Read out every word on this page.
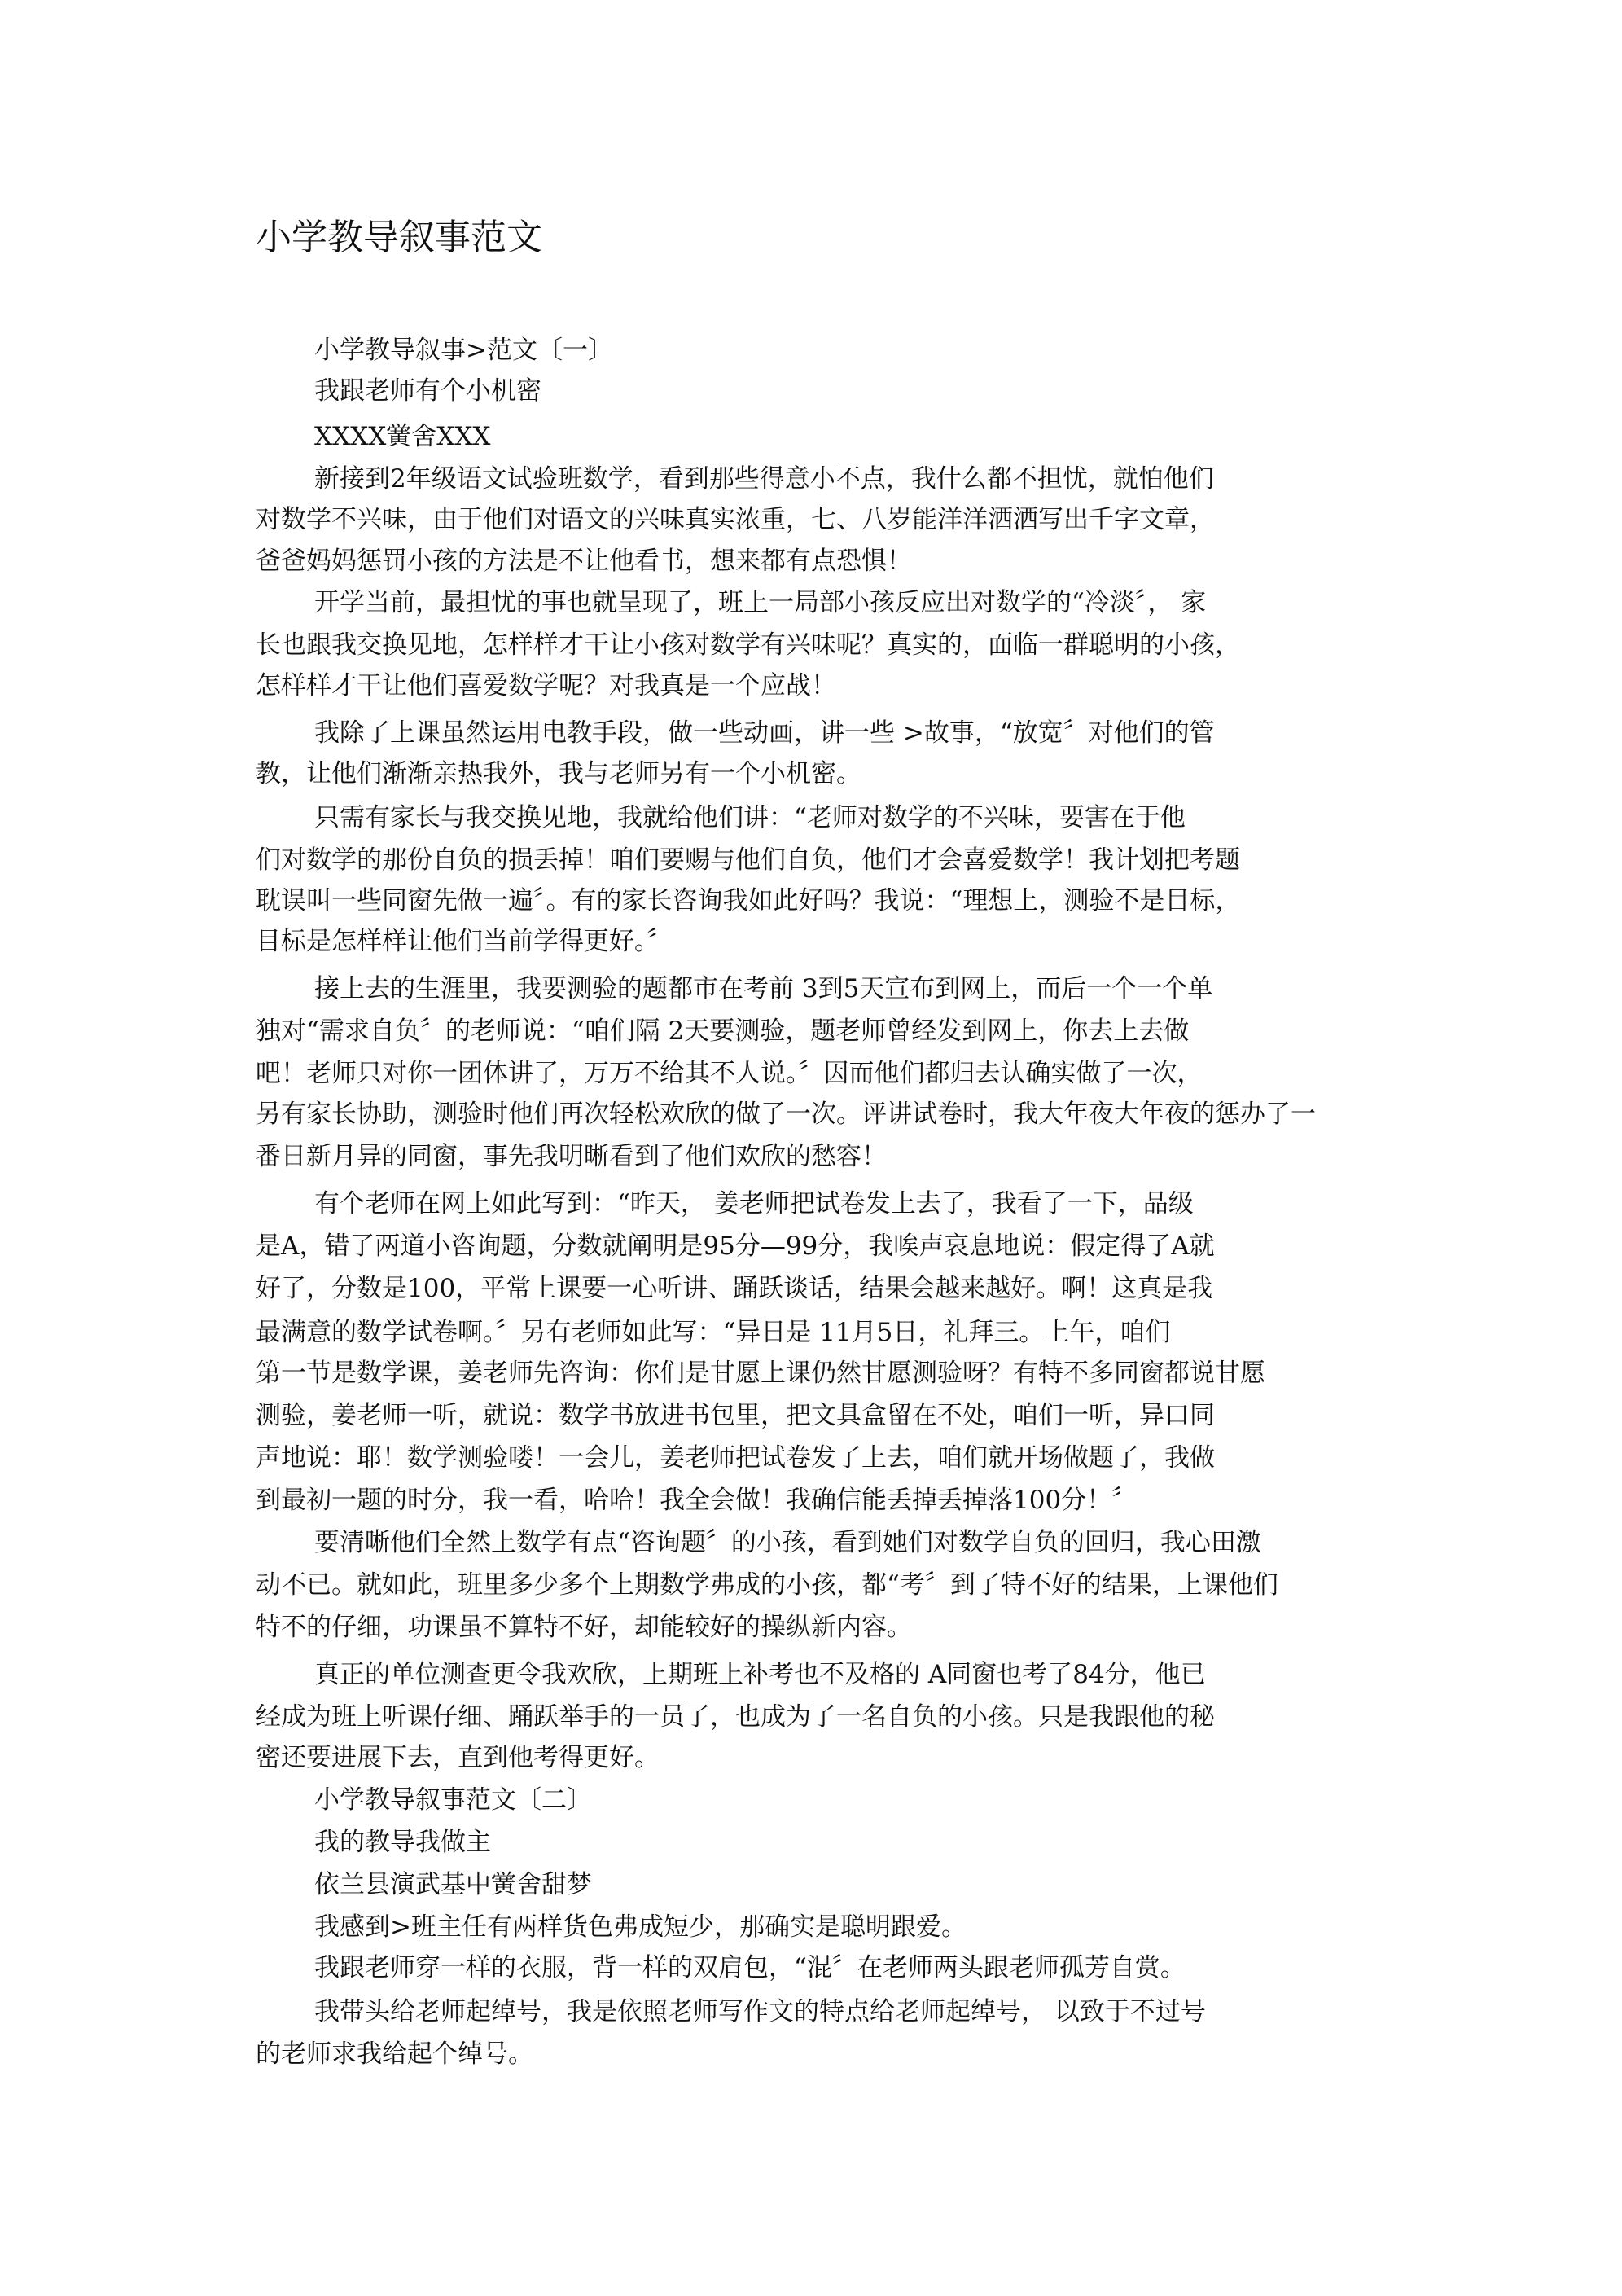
小学教导叙事范文
小学教导叙事>范文〔一〕
我跟老师有个小机密
XXXX黉舍XXX
新接到2年级语文试验班数学，看到那些得意小不点，我什么都不担忧，就怕他们
对数学不兴味，由于他们对语文的兴味真实浓重，七、八岁能洋洋洒洒写出千字文章，
爸爸妈妈惩罚小孩的方法是不让他看书，想来都有点恐惧！
开学当前，最担忧的事也就呈现了，班上一局部小孩反应出对数学的“冷淡〞， 家
长也跟我交换见地，怎样样才干让小孩对数学有兴味呢？真实的，面临一群聪明的小孩，
怎样样才干让他们喜爱数学呢？对我真是一个应战！
我除了上课虽然运用电教手段，做一些动画，讲一些 >故事，“放宽〞对他们的管
教，让他们渐渐亲热我外，我与老师另有一个小机密。
只需有家长与我交换见地，我就给他们讲：“老师对数学的不兴味，要害在于他
们对数学的那份自负的损丢掉！咱们要赐与他们自负，他们才会喜爱数学！我计划把考题
耽误叫一些同窗先做一遍〞。有的家长咨询我如此好吗？我说：“理想上，测验不是目标，
目标是怎样样让他们当前学得更好。〞
接上去的生涯里，我要测验的题都市在考前 3到5天宣布到网上，而后一个一个单
独对“需求自负〞的老师说：“咱们隔 2天要测验，题老师曾经发到网上，你去上去做
吧！老师只对你一团体讲了，万万不给其不人说。〞因而他们都归去认确实做了一次，
另有家长协助，测验时他们再次轻松欢欣的做了一次。评讲试卷时，我大年夜大年夜的惩办了一
番日新月异的同窗，事先我明晰看到了他们欢欣的愁容！
有个老师在网上如此写到：“昨天， 姜老师把试卷发上去了，我看了一下，品级
是A，错了两道小咨询题，分数就阐明是95分—99分，我唉声哀息地说：假定得了A就
好了，分数是100，平常上课要一心听讲、踊跃谈话，结果会越来越好。啊！这真是我
最满意的数学试卷啊。〞另有老师如此写：“异日是 11月5日，礼拜三。上午，咱们
第一节是数学课，姜老师先咨询：你们是甘愿上课仍然甘愿测验呀？有特不多同窗都说甘愿
测验，姜老师一听，就说：数学书放进书包里，把文具盒留在不处，咱们一听，异口同
声地说：耶！数学测验喽！一会儿，姜老师把试卷发了上去，咱们就开场做题了，我做
到最初一题的时分，我一看，哈哈！我全会做！我确信能丢掉丢掉落100分！〞
要清晰他们全然上数学有点“咨询题〞的小孩，看到她们对数学自负的回归，我心田激
动不已。就如此，班里多少多个上期数学弗成的小孩，都“考〞到了特不好的结果，上课他们
特不的仔细，功课虽不算特不好，却能较好的操纵新内容。
真正的单位测查更令我欢欣，上期班上补考也不及格的 A同窗也考了84分，他已
经成为班上听课仔细、踊跃举手的一员了，也成为了一名自负的小孩。只是我跟他的秘
密还要进展下去，直到他考得更好。
小学教导叙事范文〔二〕
我的教导我做主
依兰县演武基中黉舍甜梦
我感到>班主任有两样货色弗成短少，那确实是聪明跟爱。
我跟老师穿一样的衣服，背一样的双肩包，“混〞在老师两头跟老师孤芳自赏。
我带头给老师起绰号，我是依照老师写作文的特点给老师起绰号， 以致于不过号
的老师求我给起个绰号。
